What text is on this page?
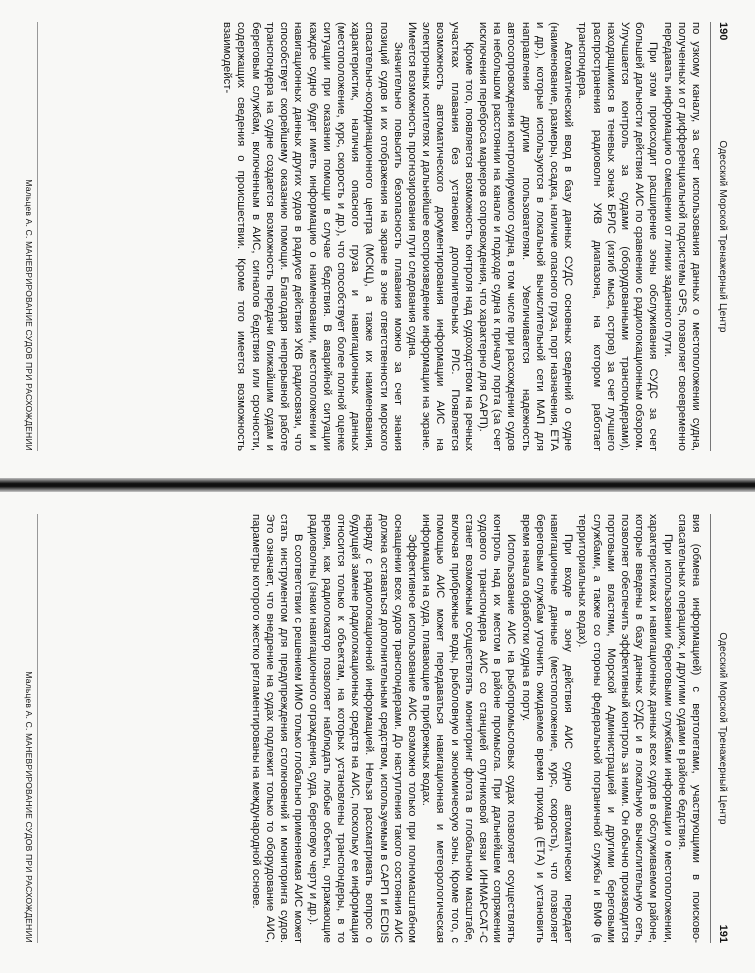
190
Одесский Морской Тренажерный Центр

по узкому каналу, за счет использования данных о местоположении судна, полученных и от дифференциальной подсистемы GPS, позволяет своевременно передавать информацию о смещении от линии заданного пути.

При этом происходит расширение зоны обслуживания СУДС за счет большей дальности действия АИС по сравнению с радиолокационным обзором. Улучшается контроль за судами (оборудованными транспондерами), находящимися в теневых зонах БРЛС (изгиб мыса, остров) за счет лучшего распространения радиоволн УКВ диапазона, на котором работает транспондера.

Автоматический ввод в базу данных СУДС основных сведений о судне (наименование, размеры, осадка, наличие опасного груза, порт назначения, ЕТА и др.), которые используются в локальной вычислительной сети МАП для направления другим пользователям. Увеличивается надежность автосопровождения контролируемого судна, в том числе при расхождении судов на небольшом расстоянии на канале и подходе судна к причалу порта (за счет исключения переброса маркеров сопровождения, что характерно для САРП).

Кроме того, появляется возможность контроля над судоходством на речных участках плавания без установки дополнительных РЛС. Появляется возможность автоматического документирования информации АИС на электронных носителях и дальнейшее воспроизведение информации на экране. Имеется возможность прогнозирования пути следования судна.

Значительно повысить безопасность плавания можно за счет знания позиций судов и их отображения на экране в зоне ответственности морского спасательно-координационного центра (МСКЦ), а также их наименования, характеристик, наличия опасного груза и навигационных данных (местоположение, курс, скорость и др.), что способствует более полной оценке ситуации при оказании помощи в случае бедствия. В аварийной ситуации каждое судно будет иметь информацию о наименовании, местоположении и навигационных данных других судов в радиусе действия УКВ радиосвязи, что способствует скорейшему оказанию помощи. Благодаря непрерывной работе транспондера на судне создается возможность передачи ближайшим судам и береговым службам, включенным в АИС, сигналов бедствия или срочности, содержащих сведения о происшествии. Кроме того имеется возможность взаимодейст-

Мальцев А. С. МАНЕВРИРОВАНИЕ СУДОВ ПРИ РАСХОЖДЕНИИ
Одесский Морской Тренажерный Центр
191

вия (обмена информацией) с вертолетами, участвующими в поисково-спасательных операциях, и другими судами в районе бедствия.

При использовании береговыми службами информации о местоположении, характеристиках и навигационных данных всех судов в обслуживаемом районе, которые введены в базу данных СУДС и в локальную вычислительную сеть, позволяет обеспечить эффективный контроль за ними. Он обычно производится портовыми властями, Морской Администрацией и другими береговыми службами, а также со стороны федеральной пограничной службы и ВМФ (в территориальных водах).

При входе в зону действия АИС судно автоматически передает навигационные данные (местоположение, курс, скорость), что позволяет береговым службам уточнить ожидаемое время прихода (ЕТА) и установить время начала обработки судна в порту.

Использование АИС на рыбопромысловых судах позволяет осуществлять контроль над их местом в районе промысла. При дальнейшем сопряжении судового транспондера АИС со станцией спутниковой связи ИНМАРСАТ-С станет возможным осуществлять мониторинг флота в глобальном масштабе, включая прибрежные воды, рыболовную и экономическую зоны. Кроме того, с помощью АИС может передаваться навигационная и метеорологическая информация на суда, плавающие в прибрежных водах.

Эффективное использование АИС возможно только при полномасштабном оснащении всех судов транспондерами. До наступления такого состояния АИС должна оставаться дополнительным средством, используемым в САРП и ECDIS наряду с радиолокационной информацией. Нельзя рассматривать вопрос о будущей замене радиолокационных средств на АИС, поскольку ее информация относится только к объектам, на которых установлены транспондеры, в то время, как радиолокатор позволяет наблюдать любые объекты, отражающие радиоволны (знаки навигационного ограждения, суда, береговую черту и др.).

В соответствии с решением ИМО только глобально применяемая АИС может стать инструментом для предупреждения столкновений и мониторинга судов. Это означает, что внедрение на судах подлежит только то оборудование АИС, параметры которого жестко регламентированы на международной основе.

Мальцев А. С. МАНЕВРИРОВАНИЕ СУДОВ ПРИ РАСХОЖДЕНИИ
